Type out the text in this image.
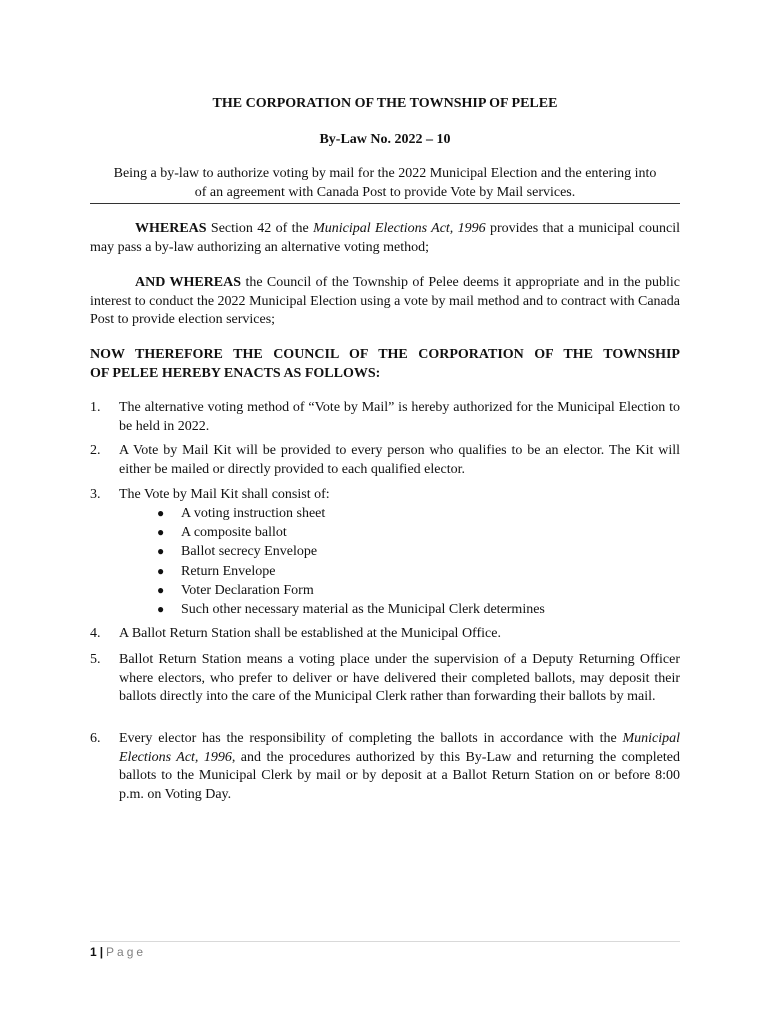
THE CORPORATION OF THE TOWNSHIP OF PELEE
By-Law No. 2022 – 10
Being a by-law to authorize voting by mail for the 2022 Municipal Election and the entering into
of an agreement with Canada Post to provide Vote by Mail services.
WHEREAS Section 42 of the Municipal Elections Act, 1996 provides that a municipal council may pass a by-law authorizing an alternative voting method;
AND WHEREAS the Council of the Township of Pelee deems it appropriate and in the public interest to conduct the 2022 Municipal Election using a vote by mail method and to contract with Canada Post to provide election services;
NOW THEREFORE THE COUNCIL OF THE CORPORATION OF THE TOWNSHIP
OF PELEE HEREBY ENACTS AS FOLLOWS:
1.	The alternative voting method of “Vote by Mail” is hereby authorized for the Municipal Election to be held in 2022.
2.	A Vote by Mail Kit will be provided to every person who qualifies to be an elector. The Kit will either be mailed or directly provided to each qualified elector.
3.	The Vote by Mail Kit shall consist of:
● A voting instruction sheet
● A composite ballot
● Ballot secrecy Envelope
● Return Envelope
● Voter Declaration Form
● Such other necessary material as the Municipal Clerk determines
4.	A Ballot Return Station shall be established at the Municipal Office.
5.	Ballot Return Station means a voting place under the supervision of a Deputy Returning Officer where electors, who prefer to deliver or have delivered their completed ballots, may deposit their ballots directly into the care of the Municipal Clerk rather than forwarding their ballots by mail.
6.	Every elector has the responsibility of completing the ballots in accordance with the Municipal Elections Act, 1996, and the procedures authorized by this By-Law and returning the completed ballots to the Municipal Clerk by mail or by deposit at a Ballot Return Station on or before 8:00 p.m. on Voting Day.
1 | Page
